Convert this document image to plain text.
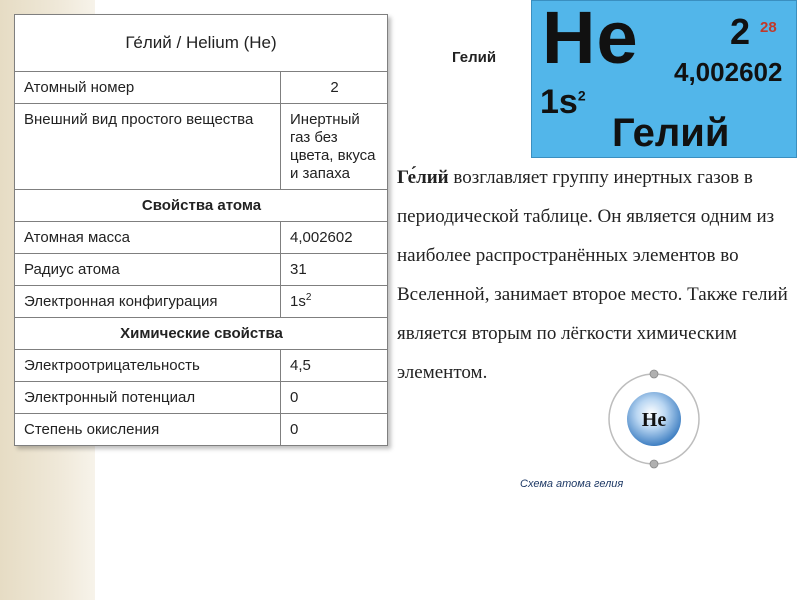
Ге́лий / Helium (He)	
Атомный номер	2
Внешний вид простого вещества	Инертный газ без цвета, вкуса и запаха
Свойства атома	
Атомная масса	4,002602
Радиус атома	31
Электронная конфигурация	$1s^2$
Химические свойства	
Электроотрицательность	4,5
Электронный потенциал	0
Степень окисления	0
Гелий He	2 28
4,002602
$1s^2$
Гелий
Ге́лий возглавляет группу инертных газов в периодической таблице. Он является одним из наиболее распространённых элементов во Вселенной, занимает второе место. Также гелий является вторым по лёгкости химическим элементом.
He
Схема атома гелия
